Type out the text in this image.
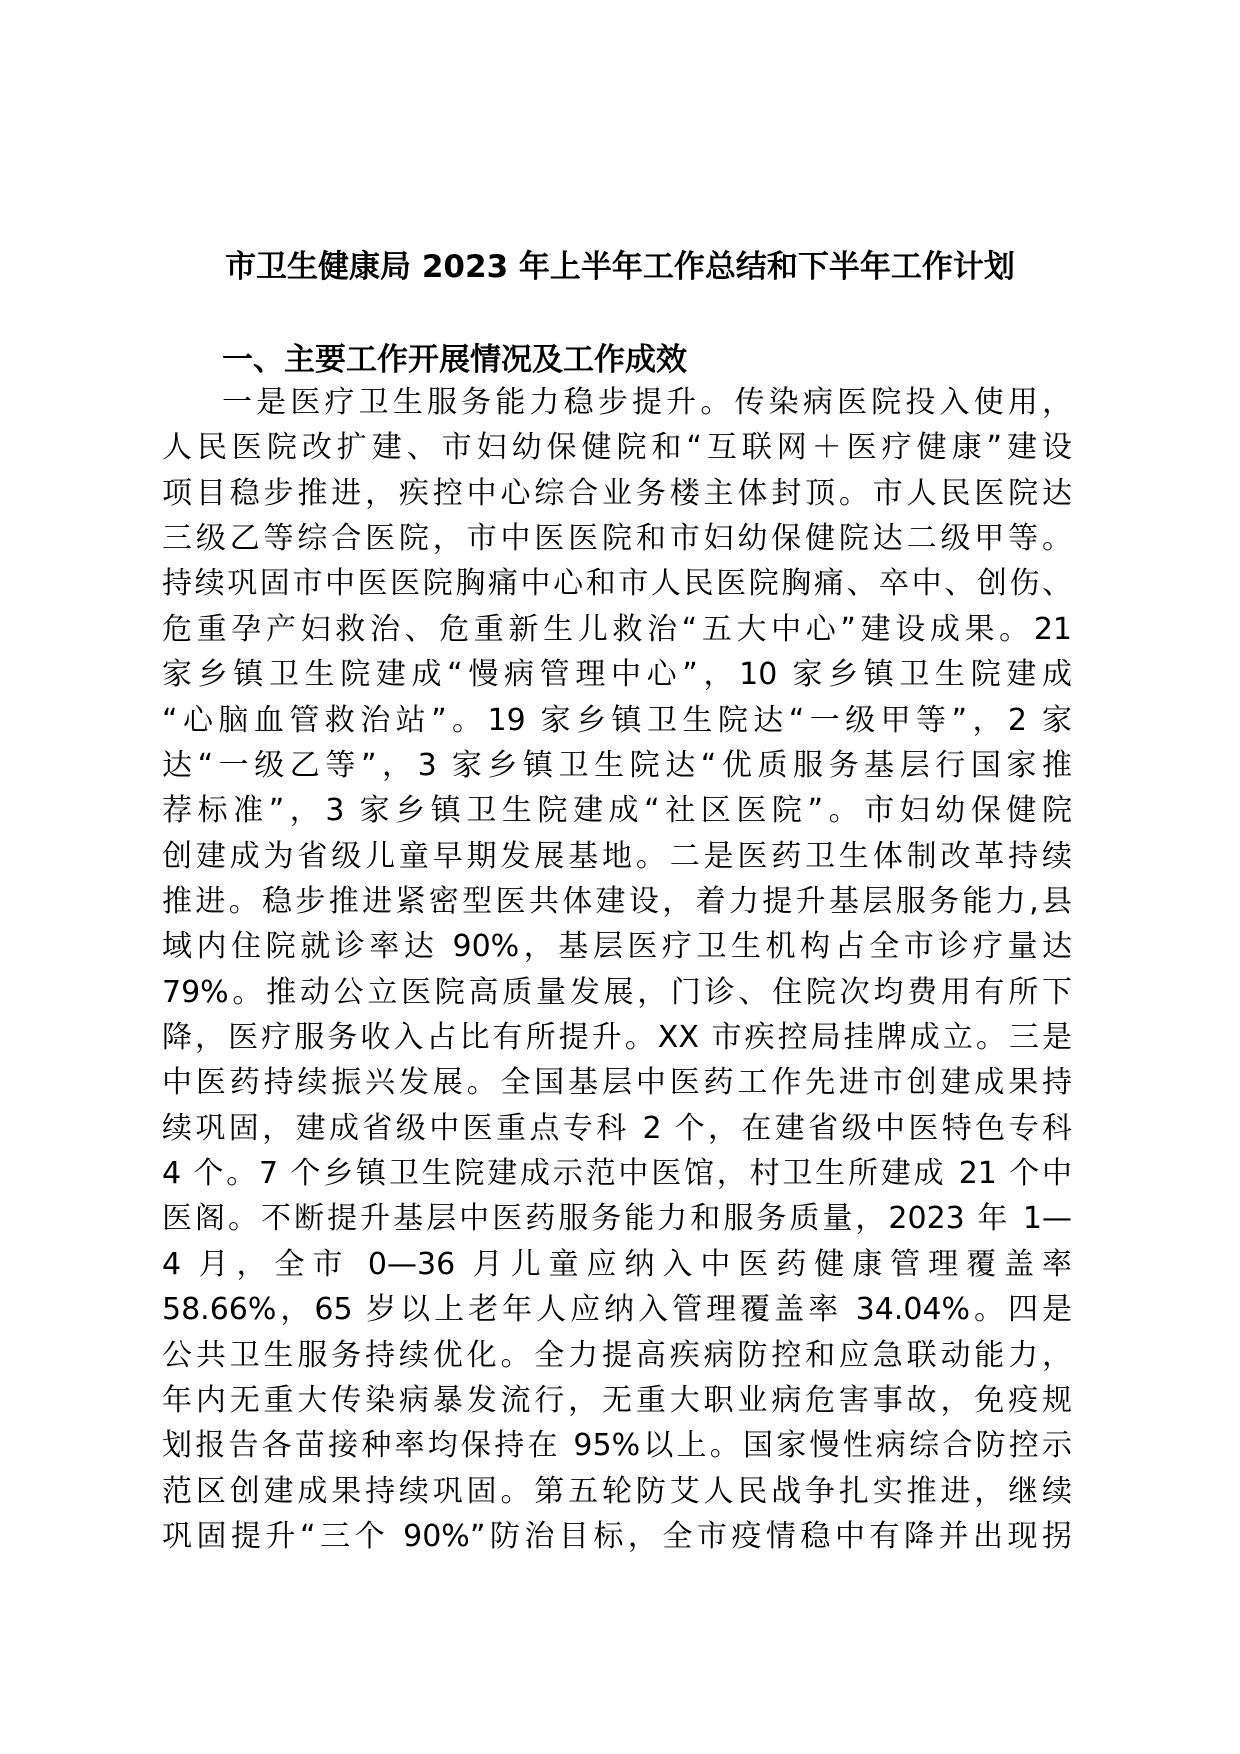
市卫生健康局 2023 年上半年工作总结和下半年工作计划
一、主要工作开展情况及工作成效
一是医疗卫生服务能力稳步提升。传染病医院投入使用，
人民医院改扩建、市妇幼保健院和“互联网＋医疗健康”建设
项目稳步推进，疾控中心综合业务楼主体封顶。市人民医院达
三级乙等综合医院，市中医医院和市妇幼保健院达二级甲等。
持续巩固市中医医院胸痛中心和市人民医院胸痛、卒中、创伤、
危重孕产妇救治、危重新生儿救治“五大中心”建设成果。21
家乡镇卫生院建成“慢病管理中心”，10 家乡镇卫生院建成
“心脑血管救治站”。19 家乡镇卫生院达“一级甲等”，2 家
达“一级乙等”，3 家乡镇卫生院达“优质服务基层行国家推
荐标准”，3 家乡镇卫生院建成“社区医院”。市妇幼保健院
创建成为省级儿童早期发展基地。二是医药卫生体制改革持续
推进。稳步推进紧密型医共体建设，着力提升基层服务能力,县
域内住院就诊率达 90%，基层医疗卫生机构占全市诊疗量达
79%。推动公立医院高质量发展，门诊、住院次均费用有所下
降，医疗服务收入占比有所提升。XX 市疾控局挂牌成立。三是
中医药持续振兴发展。全国基层中医药工作先进市创建成果持
续巩固，建成省级中医重点专科 2 个，在建省级中医特色专科
4 个。7 个乡镇卫生院建成示范中医馆，村卫生所建成 21 个中
医阁。不断提升基层中医药服务能力和服务质量，2023 年 1—
4 月，全市 0—36 月儿童应纳入中医药健康管理覆盖率
58.66%，65 岁以上老年人应纳入管理覆盖率 34.04%。四是
公共卫生服务持续优化。全力提高疾病防控和应急联动能力，
年内无重大传染病暴发流行，无重大职业病危害事故，免疫规
划报告各苗接种率均保持在 95%以上。国家慢性病综合防控示
范区创建成果持续巩固。第五轮防艾人民战争扎实推进，继续
巩固提升“三个 90%”防治目标，全市疫情稳中有降并出现拐
